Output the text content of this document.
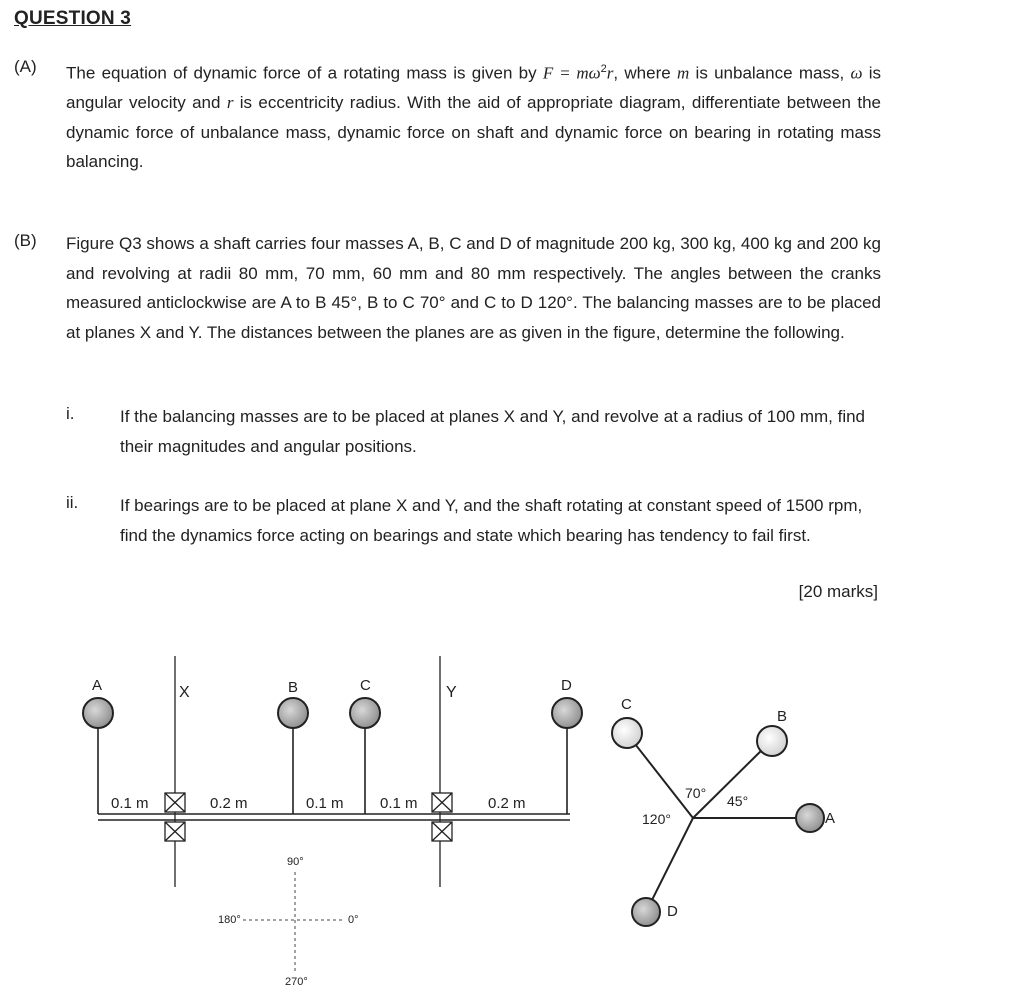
QUESTION 3
(A) The equation of dynamic force of a rotating mass is given by $F = m\omega^2r$, where m is unbalance mass, ω is angular velocity and r is eccentricity radius. With the aid of appropriate diagram, differentiate between the dynamic force of unbalance mass, dynamic force on shaft and dynamic force on bearing in rotating mass balancing.
(B) Figure Q3 shows a shaft carries four masses A, B, C and D of magnitude 200 kg, 300 kg, 400 kg and 200 kg and revolving at radii 80 mm, 70 mm, 60 mm and 80 mm respectively. The angles between the cranks measured anticlockwise are A to B 45°, B to C 70° and C to D 120°. The balancing masses are to be placed at planes X and Y. The distances between the planes are as given in the figure, determine the following.
i.	If the balancing masses are to be placed at planes X and Y, and revolve at a radius of 100 mm, find their magnitudes and angular positions.
ii. If bearings are to be placed at plane X and Y, and the shaft rotating at constant speed of 1500 rpm, find the dynamics force acting on bearings and state which bearing has tendency to fail first.
[20 marks]
X	Y
A	B	C	D
0.1 m	0.2 m	0.1 m 0.1 m	0.2 m
90°
180°	0°
270°
A
B
C
D
45°
70°
120°
